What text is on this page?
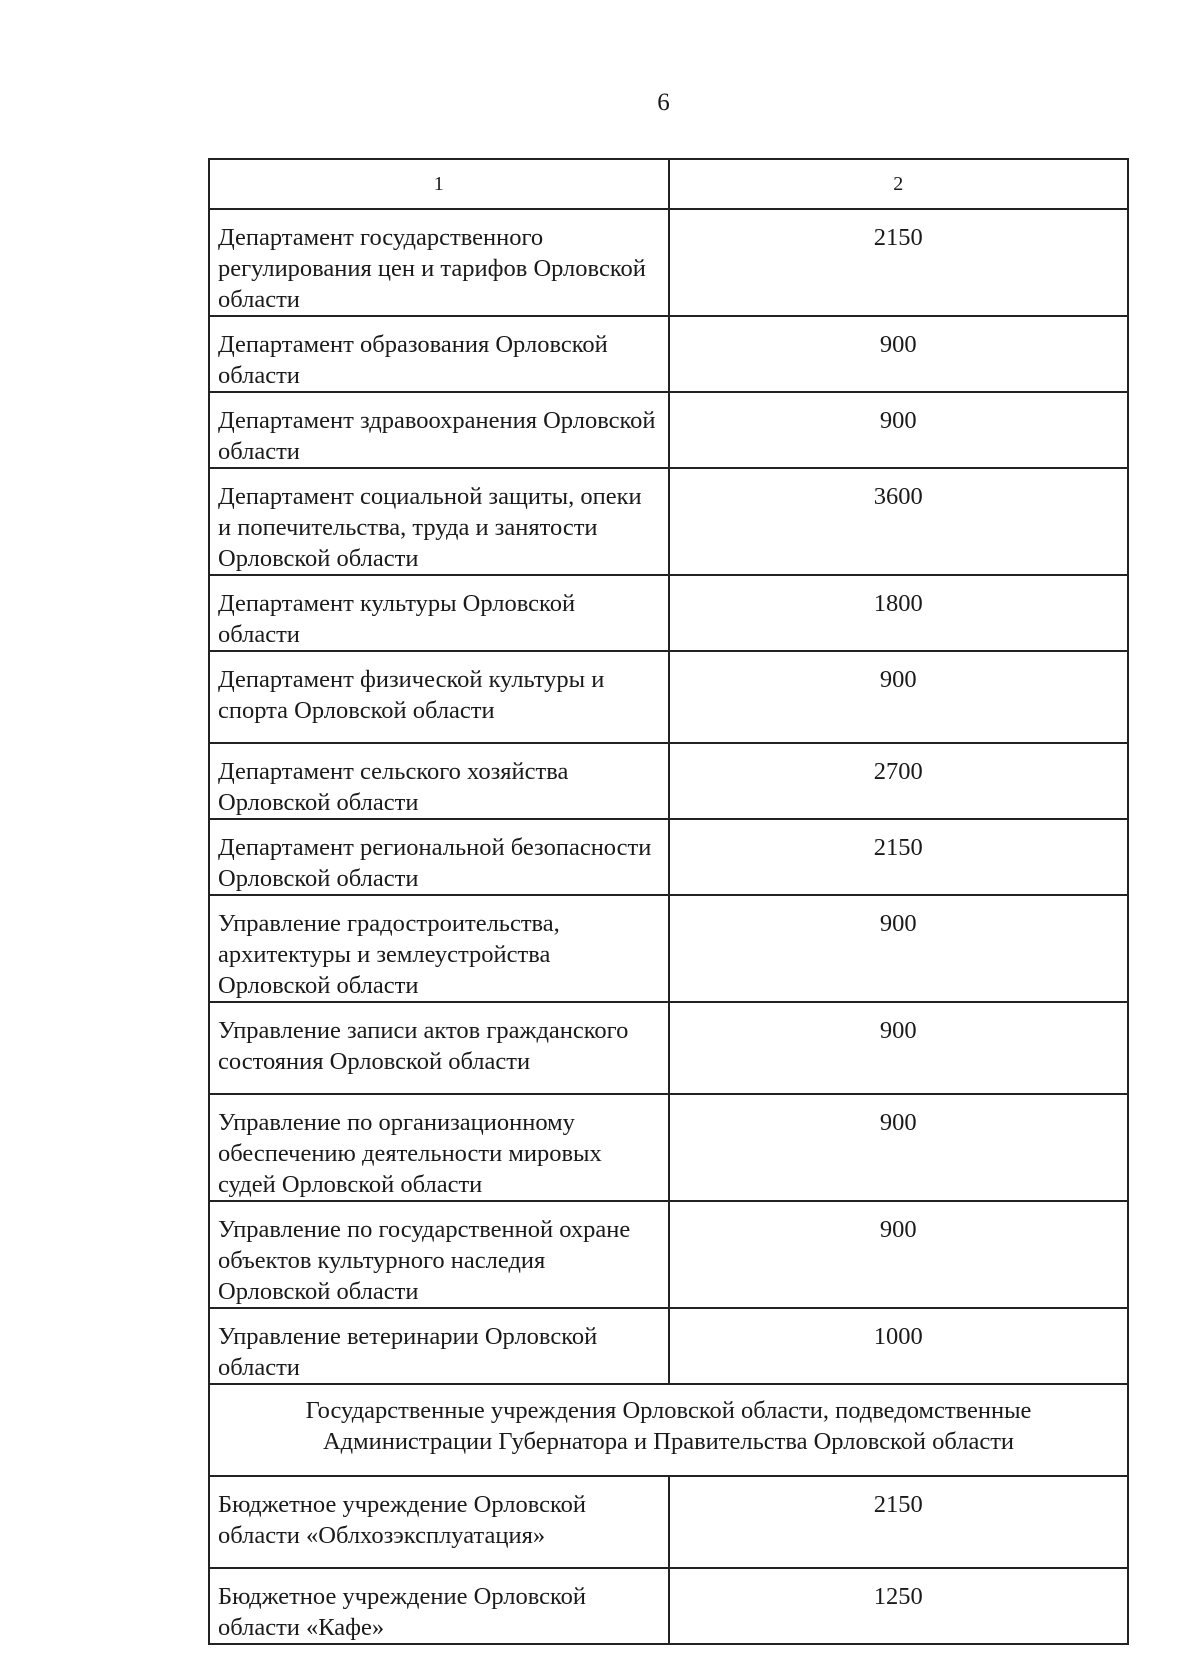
6
1	2
Департамент государственного регулирования цен и тарифов Орловской области	2150
Департамент образования Орловской области	900
Департамент здравоохранения Орловской области	900
Департамент социальной защиты, опеки и попечительства, труда и занятости Орловской области	3600
Департамент культуры Орловской области	1800
Департамент физической культуры и спорта Орловской области	900
Департамент сельского хозяйства Орловской области	2700
Департамент региональной безопасности Орловской области	2150
Управление градостроительства, архитектуры и землеустройства Орловской области	900
Управление записи актов гражданского состояния Орловской области	900
Управление по организационному обеспечению деятельности мировых судей Орловской области	900
Управление по государственной охране объектов культурного наследия Орловской области	900
Управление ветеринарии Орловской области	1000
Государственные учреждения Орловской области, подведомственные Администрации Губернатора и Правительства Орловской области	
Бюджетное учреждение Орловской области «Облхозэксплуатация»	2150
Бюджетное учреждение Орловской области «Кафе»	1250
